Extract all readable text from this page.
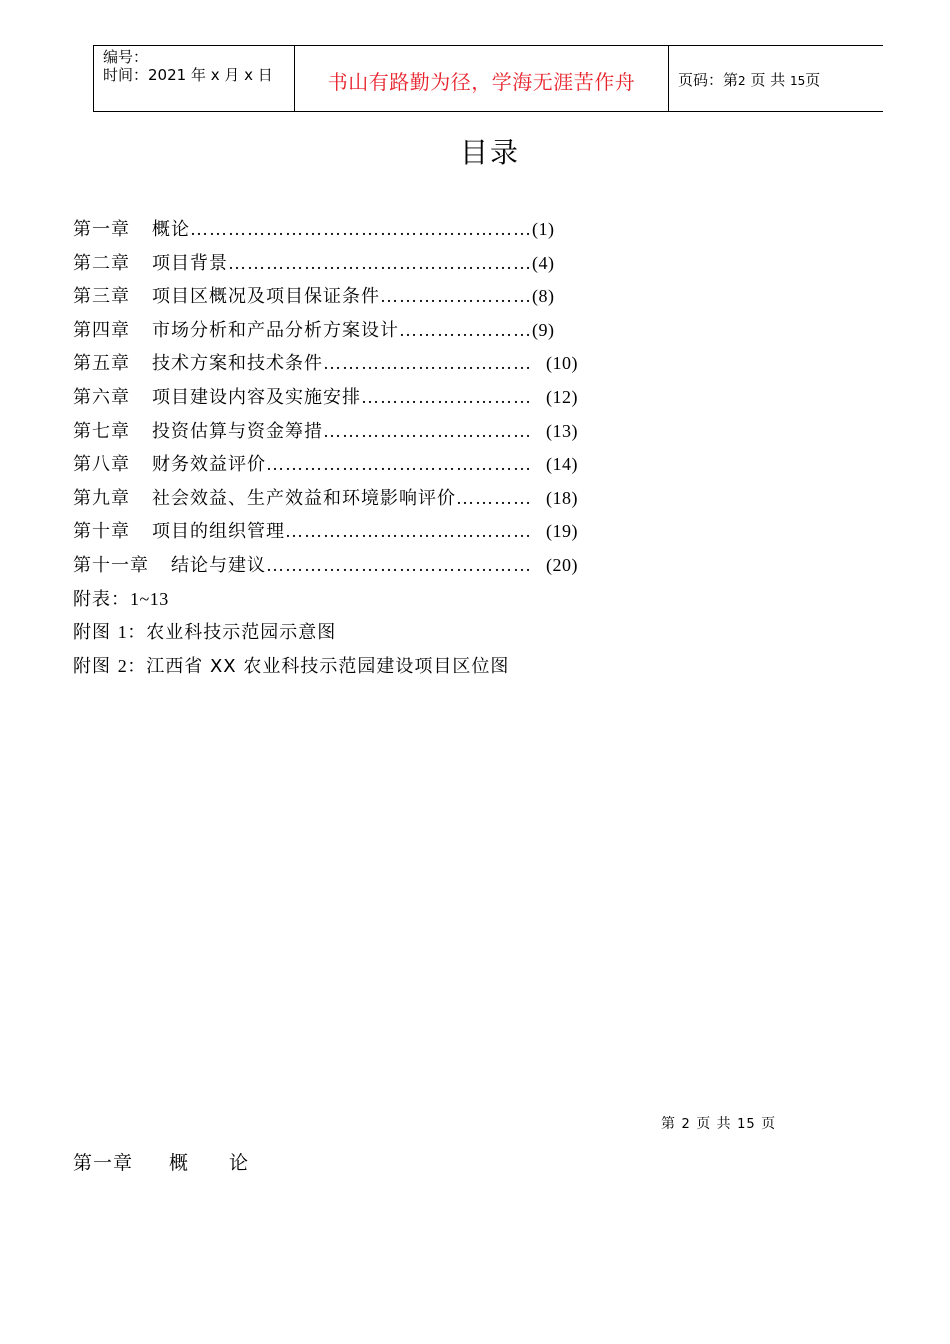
编号：
时间：2021 年 x 月 x 日	书山有路勤为径，学海无涯苦作舟	页码：第2 页 共 15页
目录
第一章 概论………………………………………………(1)
第二章 项目背景…………………………………………(4)
第三章 项目区概况及项目保证条件……………………(8)
第四章 市场分析和产品分析方案设计…………………(9)
第五章 技术方案和技术条件…………………………… (10)
第六章 项目建设内容及实施安排……………………… (12)
第七章 投资估算与资金筹措…………………………… (13)
第八章 财务效益评价…………………………………… (14)
第九章 社会效益、生产效益和环境影响评价………… (18)
第十章 项目的组织管理………………………………… (19)
第十一章 结论与建议…………………………………… (20)
附表：1~13
附图 1：农业科技示范园示意图
附图 2：江西省 XX 农业科技示范园建设项目区位图
第 2 页 共 15 页
第一章 概 论
